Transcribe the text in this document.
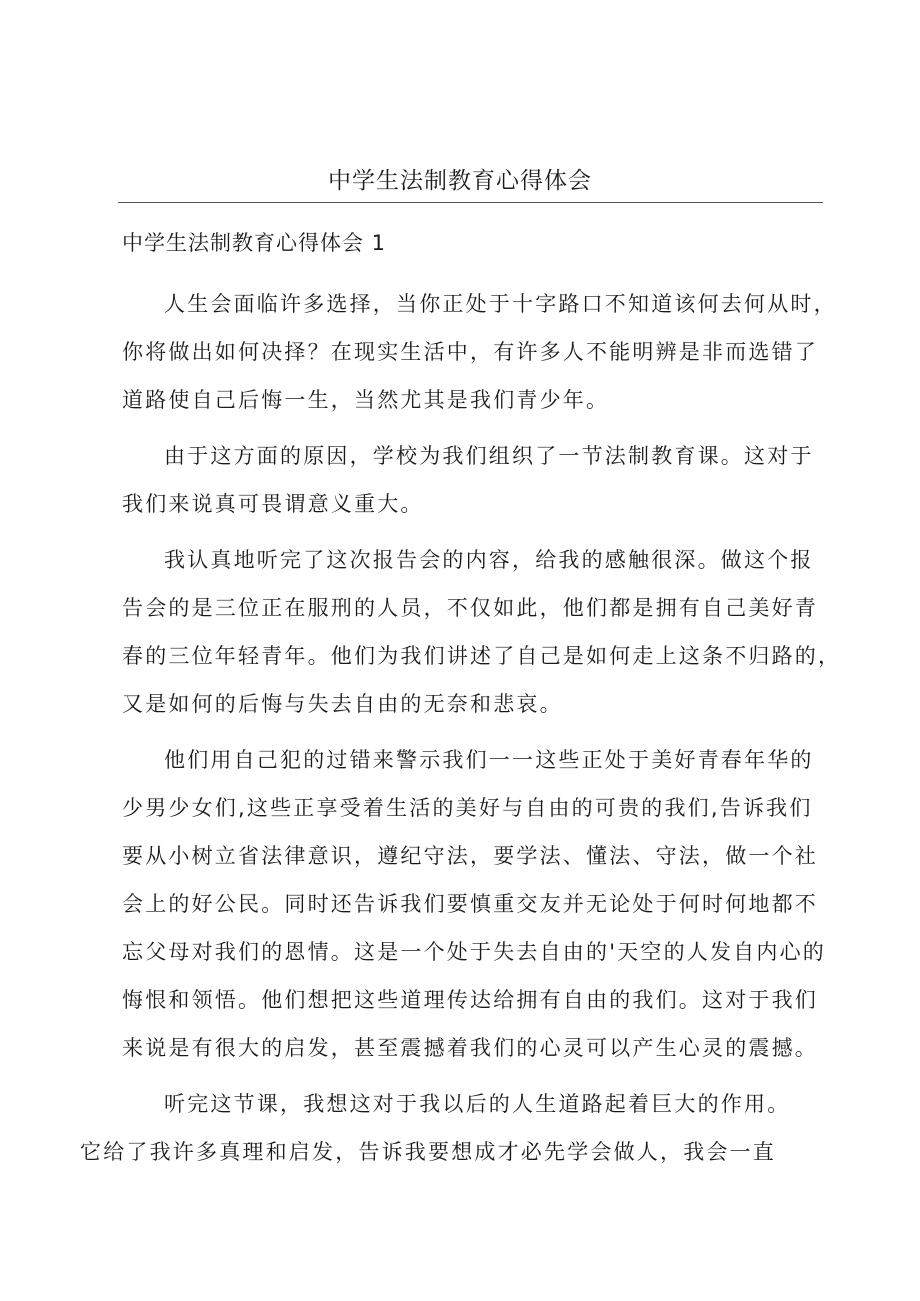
中学生法制教育心得体会
中学生法制教育心得体会 1

人生会面临许多选择，当你正处于十字路口不知道该何去何从时，
你将做出如何决择？在现实生活中，有许多人不能明辨是非而选错了
道路使自己后悔一生，当然尤其是我们青少年。

由于这方面的原因，学校为我们组织了一节法制教育课。这对于
我们来说真可畏谓意义重大。

我认真地听完了这次报告会的内容，给我的感触很深。做这个报
告会的是三位正在服刑的人员，不仅如此，他们都是拥有自己美好青
春的三位年轻青年。他们为我们讲述了自己是如何走上这条不归路的，
又是如何的后悔与失去自由的无奈和悲哀。

他们用自己犯的过错来警示我们一一这些正处于美好青春年华的
少男少女们,这些正享受着生活的美好与自由的可贵的我们,告诉我们
要从小树立省法律意识，遵纪守法，要学法、懂法、守法，做一个社
会上的好公民。同时还告诉我们要慎重交友并无论处于何时何地都不
忘父母对我们的恩情。这是一个处于失去自由的'天空的人发自内心的
悔恨和领悟。他们想把这些道理传达给拥有自由的我们。这对于我们
来说是有很大的启发，甚至震撼着我们的心灵可以产生心灵的震撼。

听完这节课，我想这对于我以后的人生道路起着巨大的作用。
它给了我许多真理和启发，告诉我要想成才必先学会做人，我会一直
